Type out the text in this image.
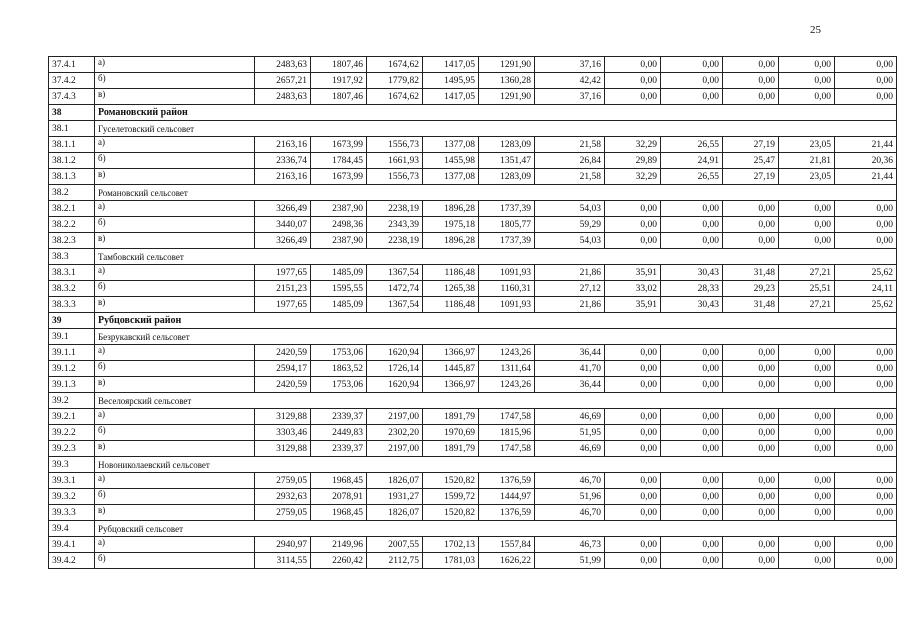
25
37.4.1	а)	2483,63	1807,46	1674,62	1417,05	1291,90	37,16	0,00	0,00	0,00	0,00	0,00
37.4.2	б)	2657,21	1917,92	1779,82	1495,95	1360,28	42,42	0,00	0,00	0,00	0,00	0,00
37.4.3	в)	2483,63	1807,46	1674,62	1417,05	1291,90	37,16	0,00	0,00	0,00	0,00	0,00
38	Романовский район											
38.1	Гуселетовский сельсовет											
38.1.1	а)	2163,16	1673,99	1556,73	1377,08	1283,09	21,58	32,29	26,55	27,19	23,05	21,44
38.1.2	б)	2336,74	1784,45	1661,93	1455,98	1351,47	26,84	29,89	24,91	25,47	21,81	20,36
38.1.3	в)	2163,16	1673,99	1556,73	1377,08	1283,09	21,58	32,29	26,55	27,19	23,05	21,44
38.2	Романовский сельсовет											
38.2.1	а)	3266,49	2387,90	2238,19	1896,28	1737,39	54,03	0,00	0,00	0,00	0,00	0,00
38.2.2	б)	3440,07	2498,36	2343,39	1975,18	1805,77	59,29	0,00	0,00	0,00	0,00	0,00
38.2.3	в)	3266,49	2387,90	2238,19	1896,28	1737,39	54,03	0,00	0,00	0,00	0,00	0,00
38.3	Тамбовский сельсовет											
38.3.1	а)	1977,65	1485,09	1367,54	1186,48	1091,93	21,86	35,91	30,43	31,48	27,21	25,62
38.3.2	б)	2151,23	1595,55	1472,74	1265,38	1160,31	27,12	33,02	28,33	29,23	25,51	24,11
38.3.3	в)	1977,65	1485,09	1367,54	1186,48	1091,93	21,86	35,91	30,43	31,48	27,21	25,62
39	Рубцовский район											
39.1	Безрукавский сельсовет											
39.1.1	а)	2420,59	1753,06	1620,94	1366,97	1243,26	36,44	0,00	0,00	0,00	0,00	0,00
39.1.2	б)	2594,17	1863,52	1726,14	1445,87	1311,64	41,70	0,00	0,00	0,00	0,00	0,00
39.1.3	в)	2420,59	1753,06	1620,94	1366,97	1243,26	36,44	0,00	0,00	0,00	0,00	0,00
39.2	Веселоярский сельсовет											
39.2.1	а)	3129,88	2339,37	2197,00	1891,79	1747,58	46,69	0,00	0,00	0,00	0,00	0,00
39.2.2	б)	3303,46	2449,83	2302,20	1970,69	1815,96	51,95	0,00	0,00	0,00	0,00	0,00
39.2.3	в)	3129,88	2339,37	2197,00	1891,79	1747,58	46,69	0,00	0,00	0,00	0,00	0,00
39.3	Новониколаевский сельсовет											
39.3.1	а)	2759,05	1968,45	1826,07	1520,82	1376,59	46,70	0,00	0,00	0,00	0,00	0,00
39.3.2	б)	2932,63	2078,91	1931,27	1599,72	1444,97	51,96	0,00	0,00	0,00	0,00	0,00
39.3.3	в)	2759,05	1968,45	1826,07	1520,82	1376,59	46,70	0,00	0,00	0,00	0,00	0,00
39.4	Рубцовский сельсовет											
39.4.1	а)	2940,97	2149,96	2007,55	1702,13	1557,84	46,73	0,00	0,00	0,00	0,00	0,00
39.4.2	б)	3114,55	2260,42	2112,75	1781,03	1626,22	51,99	0,00	0,00	0,00	0,00	0,00
